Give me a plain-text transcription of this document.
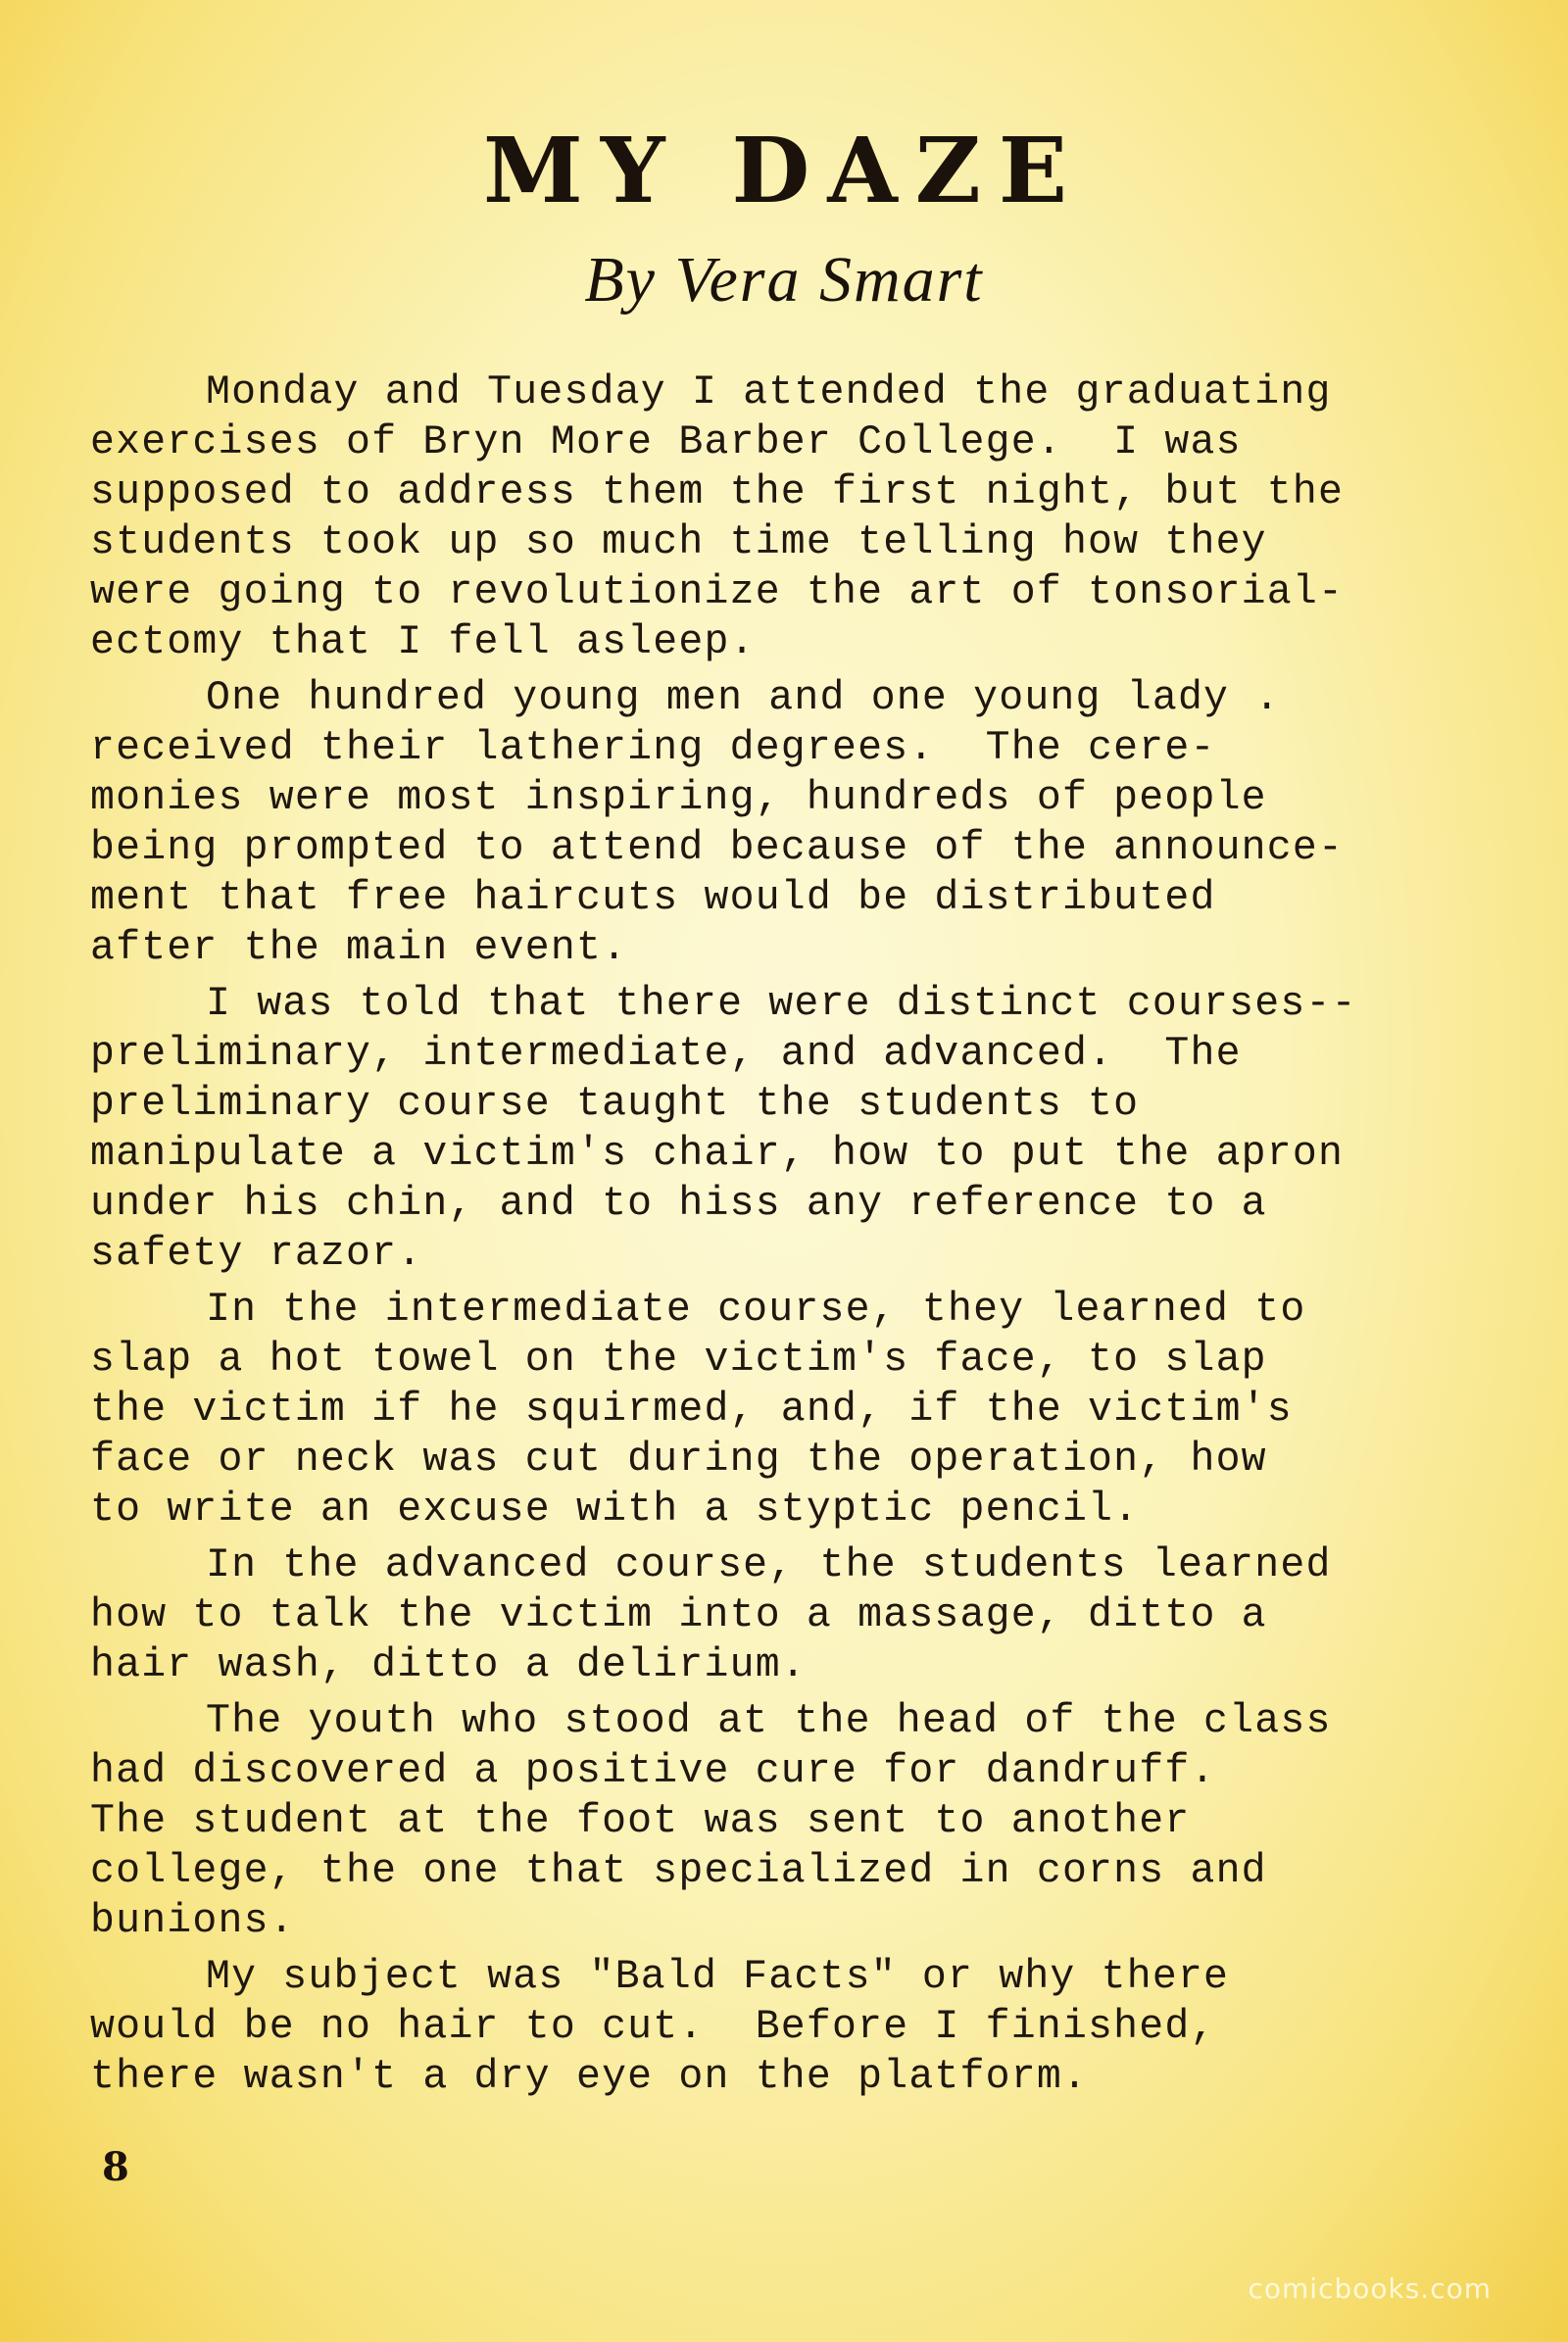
MY DAZE
By Vera Smart
Monday and Tuesday I attended the graduating
exercises of Bryn More Barber College.  I was
supposed to address them the first night, but the
students took up so much time telling how they
were going to revolutionize the art of tonsorial-
ectomy that I fell asleep.
One hundred young men and one young lady .
received their lathering degrees.  The cere-
monies were most inspiring, hundreds of people
being prompted to attend because of the announce-
ment that free haircuts would be distributed
after the main event.
I was told that there were distinct courses--
preliminary, intermediate, and advanced.  The
preliminary course taught the students to
manipulate a victim's chair, how to put the apron
under his chin, and to hiss any reference to a
safety razor.
In the intermediate course, they learned to
slap a hot towel on the victim's face, to slap
the victim if he squirmed, and, if the victim's
face or neck was cut during the operation, how
to write an excuse with a styptic pencil.
In the advanced course, the students learned
how to talk the victim into a massage, ditto a
hair wash, ditto a delirium.
The youth who stood at the head of the class
had discovered a positive cure for dandruff.
The student at the foot was sent to another
college, the one that specialized in corns and
bunions.
My subject was "Bald Facts" or why there
would be no hair to cut.  Before I finished,
there wasn't a dry eye on the platform.
8
comicbooks.com
